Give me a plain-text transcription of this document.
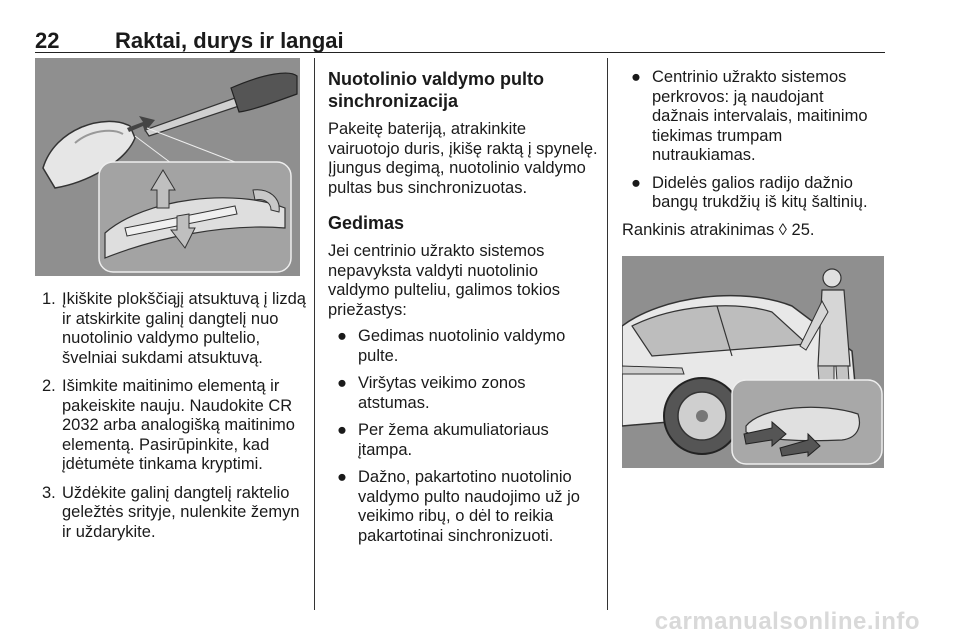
22	Raktai, durys ir langai
1. Įkiškite plokščiąjį atsuktuvą į lizdą ir atskirkite galinį dangtelį nuo nuotolinio valdymo pultelio, švelniai sukdami atsuktuvą.
2. Išimkite maitinimo elementą ir pakeiskite nauju. Naudokite CR 2032 arba analogišką maitinimo elementą. Pasirūpinkite, kad įdėtumėte tinkama kryptimi.
3. Uždėkite galinį dangtelį raktelio geležtės srityje, nulenkite žemyn ir uždarykite.
Nuotolinio valdymo pulto sinchronizacija
Pakeitę bateriją, atrakinkite vairuotojo duris, įkišę raktą į spynelę. Įjungus degimą, nuotolinio valdymo pultas bus sinchronizuotas.
Gedimas
Jei centrinio užrakto sistemos nepavyksta valdyti nuotolinio valdymo pulteliu, galimos tokios priežastys:
● Gedimas nuotolinio valdymo pulte.
● Viršytas veikimo zonos atstumas.
● Per žema akumuliatoriaus įtampa.
● Dažno, pakartotino nuotolinio valdymo pulto naudojimo už jo veikimo ribų, o dėl to reikia pakartotinai sinchronizuoti.
● Centrinio užrakto sistemos perkrovos: ją naudojant dažnais intervalais, maitinimo tiekimas trumpam nutraukiamas.
● Didelės galios radijo dažnio bangų trukdžių iš kitų šaltinių.
Rankinis atrakinimas ◊ 25.
carmanualsonline.info
